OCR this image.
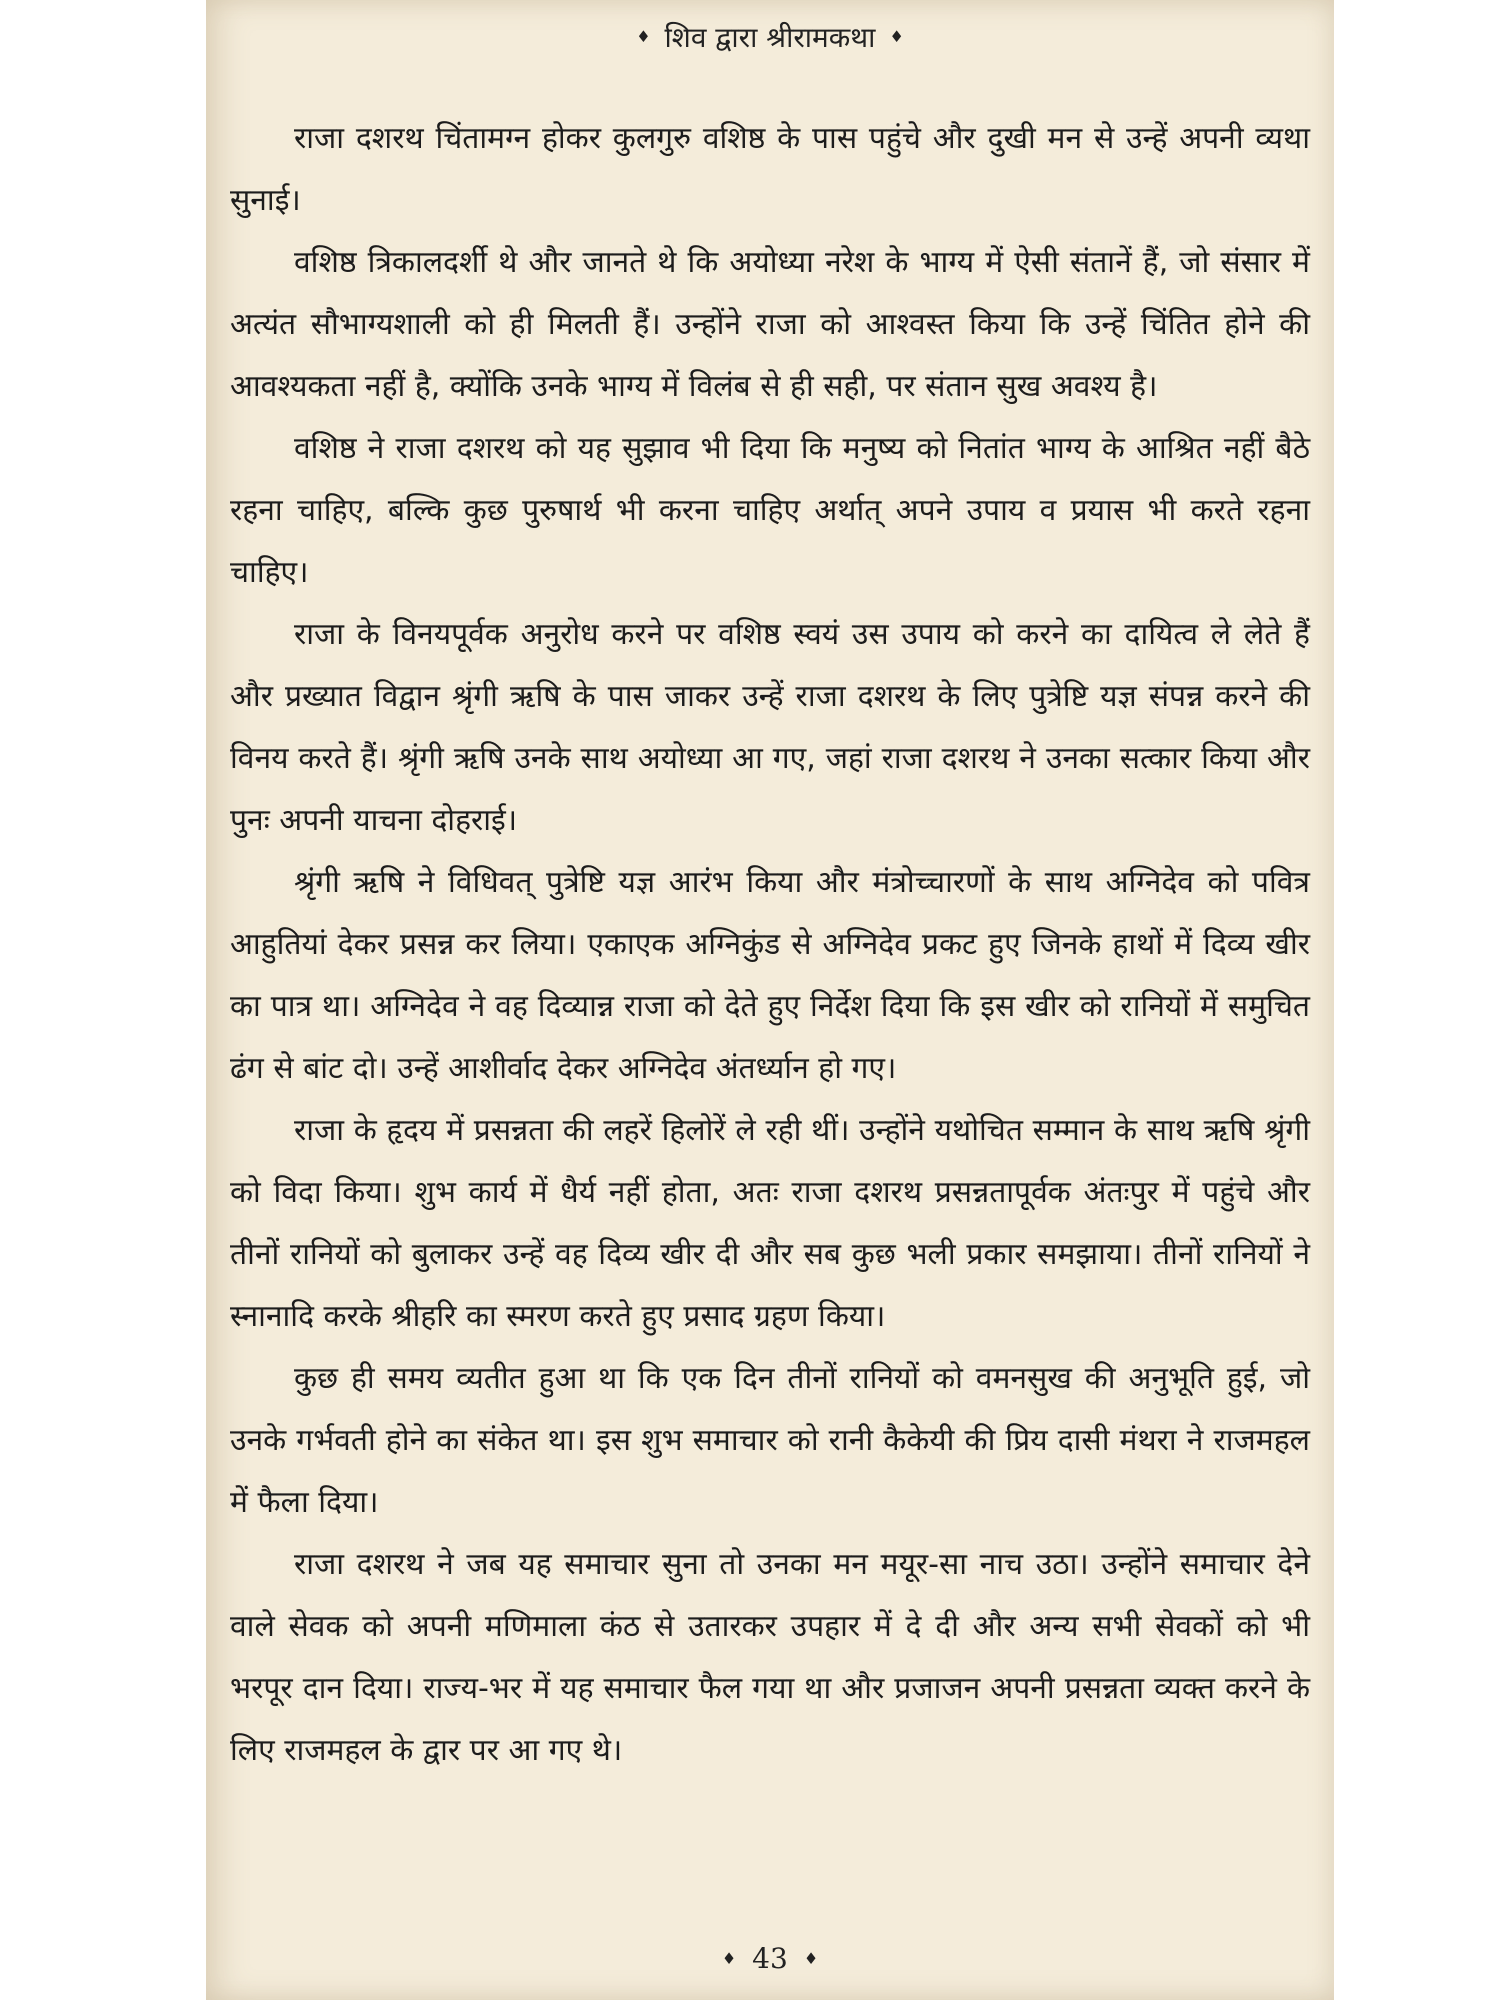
♦ शिव द्वारा श्रीरामकथा ♦

राजा दशरथ चिंतामग्न होकर कुलगुरु वशिष्ठ के पास पहुंचे और दुखी मन से उन्हें अपनी व्यथा सुनाई।

वशिष्ठ त्रिकालदर्शी थे और जानते थे कि अयोध्या नरेश के भाग्य में ऐसी संतानें हैं, जो संसार में अत्यंत सौभाग्यशाली को ही मिलती हैं। उन्होंने राजा को आश्वस्त किया कि उन्हें चिंतित होने की आवश्यकता नहीं है, क्योंकि उनके भाग्य में विलंब से ही सही, पर संतान सुख अवश्य है।

वशिष्ठ ने राजा दशरथ को यह सुझाव भी दिया कि मनुष्य को नितांत भाग्य के आश्रित नहीं बैठे रहना चाहिए, बल्कि कुछ पुरुषार्थ भी करना चाहिए अर्थात् अपने उपाय व प्रयास भी करते रहना चाहिए।

राजा के विनयपूर्वक अनुरोध करने पर वशिष्ठ स्वयं उस उपाय को करने का दायित्व ले लेते हैं और प्रख्यात विद्वान श्रृंगी ऋषि के पास जाकर उन्हें राजा दशरथ के लिए पुत्रेष्टि यज्ञ संपन्न करने की विनय करते हैं। श्रृंगी ऋषि उनके साथ अयोध्या आ गए, जहां राजा दशरथ ने उनका सत्कार किया और पुनः अपनी याचना दोहराई।

श्रृंगी ऋषि ने विधिवत् पुत्रेष्टि यज्ञ आरंभ किया और मंत्रोच्चारणों के साथ अग्निदेव को पवित्र आहुतियां देकर प्रसन्न कर लिया। एकाएक अग्निकुंड से अग्निदेव प्रकट हुए जिनके हाथों में दिव्य खीर का पात्र था। अग्निदेव ने वह दिव्यान्न राजा को देते हुए निर्देश दिया कि इस खीर को रानियों में समुचित ढंग से बांट दो। उन्हें आशीर्वाद देकर अग्निदेव अंतर्ध्यान हो गए।

राजा के हृदय में प्रसन्नता की लहरें हिलोरें ले रही थीं। उन्होंने यथोचित सम्मान के साथ ऋषि श्रृंगी को विदा किया। शुभ कार्य में धैर्य नहीं होता, अतः राजा दशरथ प्रसन्नतापूर्वक अंतःपुर में पहुंचे और तीनों रानियों को बुलाकर उन्हें वह दिव्य खीर दी और सब कुछ भली प्रकार समझाया। तीनों रानियों ने स्नानादि करके श्रीहरि का स्मरण करते हुए प्रसाद ग्रहण किया।

कुछ ही समय व्यतीत हुआ था कि एक दिन तीनों रानियों को वमनसुख की अनुभूति हुई, जो उनके गर्भवती होने का संकेत था। इस शुभ समाचार को रानी कैकेयी की प्रिय दासी मंथरा ने राजमहल में फैला दिया।

राजा दशरथ ने जब यह समाचार सुना तो उनका मन मयूर-सा नाच उठा। उन्होंने समाचार देने वाले सेवक को अपनी मणिमाला कंठ से उतारकर उपहार में दे दी और अन्य सभी सेवकों को भी भरपूर दान दिया। राज्य-भर में यह समाचार फैल गया था और प्रजाजन अपनी प्रसन्नता व्यक्त करने के लिए राजमहल के द्वार पर आ गए थे।

♦ 43 ♦
